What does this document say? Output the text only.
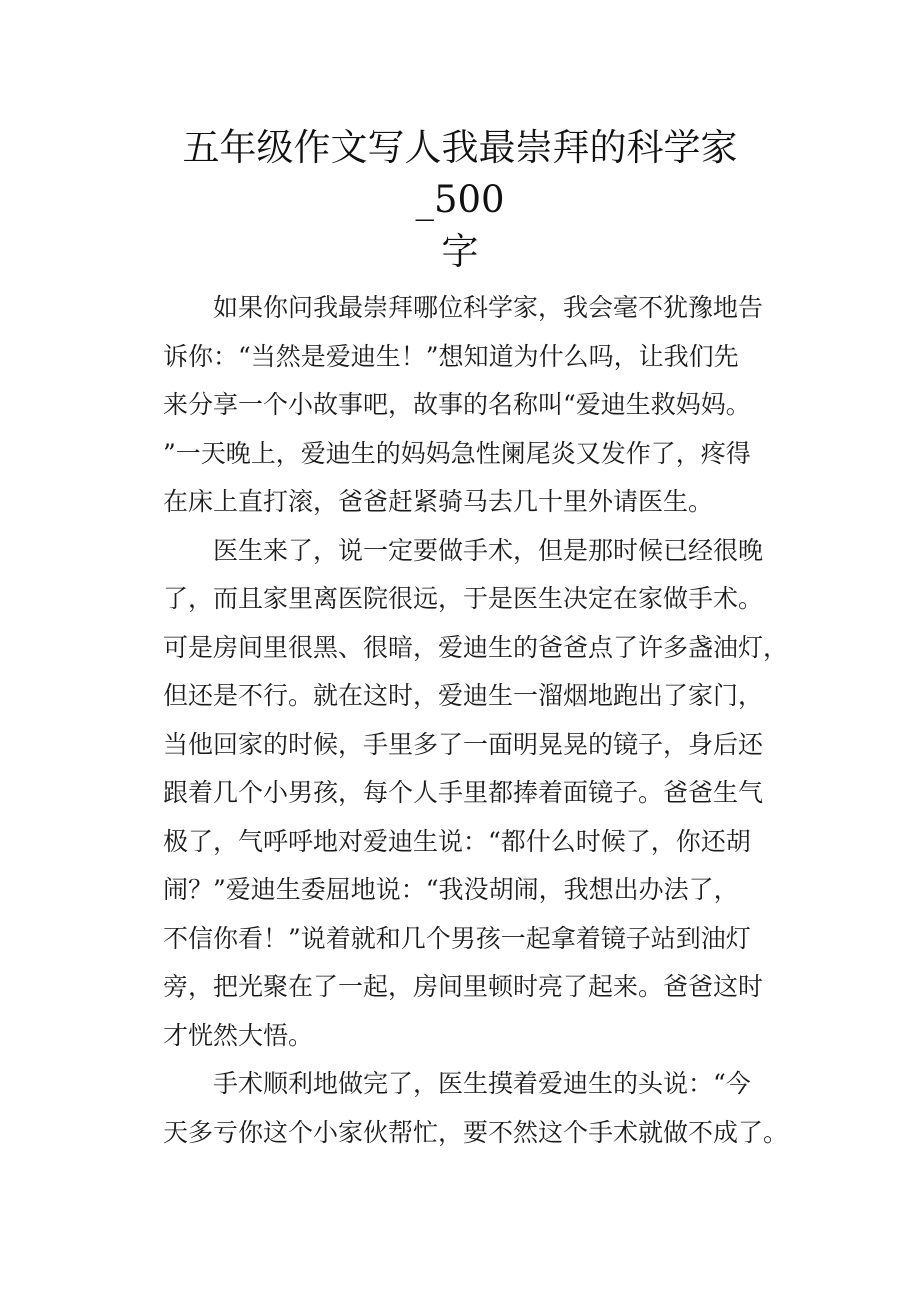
五年级作文写人我最崇拜的科学家_500
字
如果你问我最崇拜哪位科学家，我会毫不犹豫地告
诉你：“当然是爱迪生！”想知道为什么吗，让我们先
来分享一个小故事吧，故事的名称叫“爱迪生救妈妈。
”一天晚上，爱迪生的妈妈急性阑尾炎又发作了，疼得
在床上直打滚，爸爸赶紧骑马去几十里外请医生。
医生来了，说一定要做手术，但是那时候已经很晚
了，而且家里离医院很远，于是医生决定在家做手术。
可是房间里很黑、很暗，爱迪生的爸爸点了许多盏油灯，
但还是不行。就在这时，爱迪生一溜烟地跑出了家门，
当他回家的时候，手里多了一面明晃晃的镜子，身后还
跟着几个小男孩，每个人手里都捧着面镜子。爸爸生气
极了，气呼呼地对爱迪生说：“都什么时候了，你还胡
闹？”爱迪生委屈地说：“我没胡闹，我想出办法了，
不信你看！”说着就和几个男孩一起拿着镜子站到油灯
旁，把光聚在了一起，房间里顿时亮了起来。爸爸这时
才恍然大悟。
手术顺利地做完了，医生摸着爱迪生的头说：“今
天多亏你这个小家伙帮忙，要不然这个手术就做不成了。
